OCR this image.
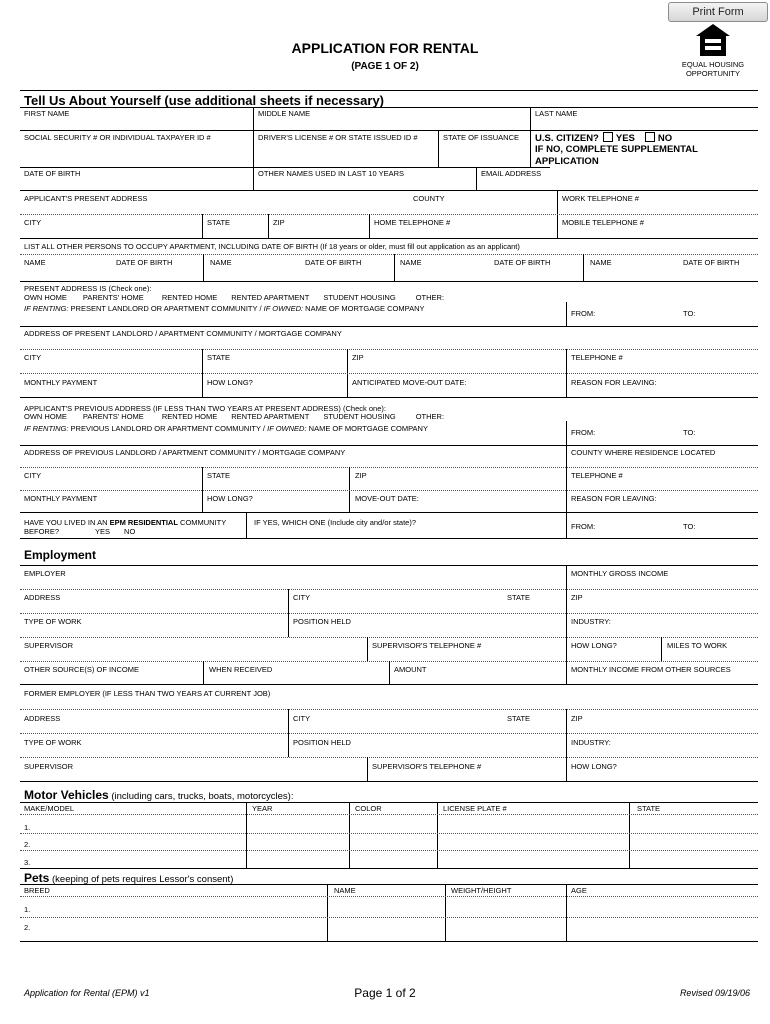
Print Form
APPLICATION FOR RENTAL
(PAGE 1 OF 2)	EQUAL HOUSING
OPPORTUNITY
Tell Us About Yourself (use additional sheets if necessary)
FIRST NAME	MIDDLE NAME	LAST NAME
SOCIAL SECURITY # OR INDIVIDUAL TAXPAYER ID #	DRIVER'S LICENSE # OR STATE ISSUED ID #	STATE OF ISSUANCE U.S. CITIZEN? YES NO
IF NO, COMPLETE SUPPLEMENTAL
APPLICATION
DATE OF BIRTH	OTHER NAMES USED IN LAST 10 YEARS	EMAIL ADDRESS
APPLICANT'S PRESENT ADDRESS	COUNTY	WORK TELEPHONE #
CITY	STATE	ZIP	HOME TELEPHONE #	MOBILE TELEPHONE #
LIST ALL OTHER PERSONS TO OCCUPY APARTMENT, INCLUDING DATE OF BIRTH (If 18 years or older, must fill out application as an applicant)
NAME	DATE OF BIRTH	NAME	DATE OF BIRTH	NAME	DATE OF BIRTH	NAME	DATE OF BIRTH
PRESENT ADDRESS IS (Check one):
OWN HOME PARENTS' HOME RENTED HOME RENTED APARTMENT STUDENT HOUSING	OTHER:
IF RENTING: PRESENT LANDLORD OR APARTMENT COMMUNITY / IF OWNED: NAME OF MORTGAGE COMPANY
FROM:	TO:
ADDRESS OF PRESENT LANDLORD / APARTMENT COMMUNITY / MORTGAGE COMPANY
CITY	STATE	ZIP	TELEPHONE #
MONTHLY PAYMENT	HOW LONG?	ANTICIPATED MOVE-OUT DATE:	REASON FOR LEAVING:
APPLICANT'S PREVIOUS ADDRESS (IF LESS THAN TWO YEARS AT PRESENT ADDRESS) (Check one):
OWN HOME PARENTS' HOME RENTED HOME RENTED APARTMENT STUDENT HOUSING	OTHER:
IF RENTING: PREVIOUS LANDLORD OR APARTMENT COMMUNITY / IF OWNED: NAME OF MORTGAGE COMPANY	FROM:	TO:
ADDRESS OF PREVIOUS LANDLORD / APARTMENT COMMUNITY / MORTGAGE COMPANY	COUNTY WHERE RESIDENCE LOCATED
CITY	STATE	ZIP	TELEPHONE #
MONTHLY PAYMENT	HOW LONG?	MOVE-OUT DATE:	REASON FOR LEAVING:
HAVE YOU LIVED IN AN EPM RESIDENTIAL COMMUNITY
BEFORE?	YES NO
IF YES, WHICH ONE (Include city and/or state)?	FROM:	TO:
Employment
EMPLOYER	MONTHLY GROSS INCOME
ADDRESS	CITY	STATE	ZIP
TYPE OF WORK	POSITION HELD	INDUSTRY:
SUPERVISOR	SUPERVISOR'S TELEPHONE #	HOW LONG?	MILES TO WORK
OTHER SOURCE(S) OF INCOME	WHEN RECEIVED	AMOUNT	MONTHLY INCOME FROM OTHER SOURCES
FORMER EMPLOYER (IF LESS THAN TWO YEARS AT CURRENT JOB)
ADDRESS	CITY	STATE	ZIP
TYPE OF WORK	POSITION HELD	INDUSTRY:
SUPERVISOR	SUPERVISOR'S TELEPHONE #	HOW LONG?
Motor Vehicles (including cars, trucks, boats, motorcycles):
MAKE/MODEL	YEAR	COLOR	LICENSE PLATE #	STATE
1.
2.
3.
Pets (keeping of pets requires Lessor's consent)
BREED	NAME	WEIGHT/HEIGHT	AGE
1.
2.
Application for Rental (EPM) v1	Page 1 of 2	Revised 09/19/06
